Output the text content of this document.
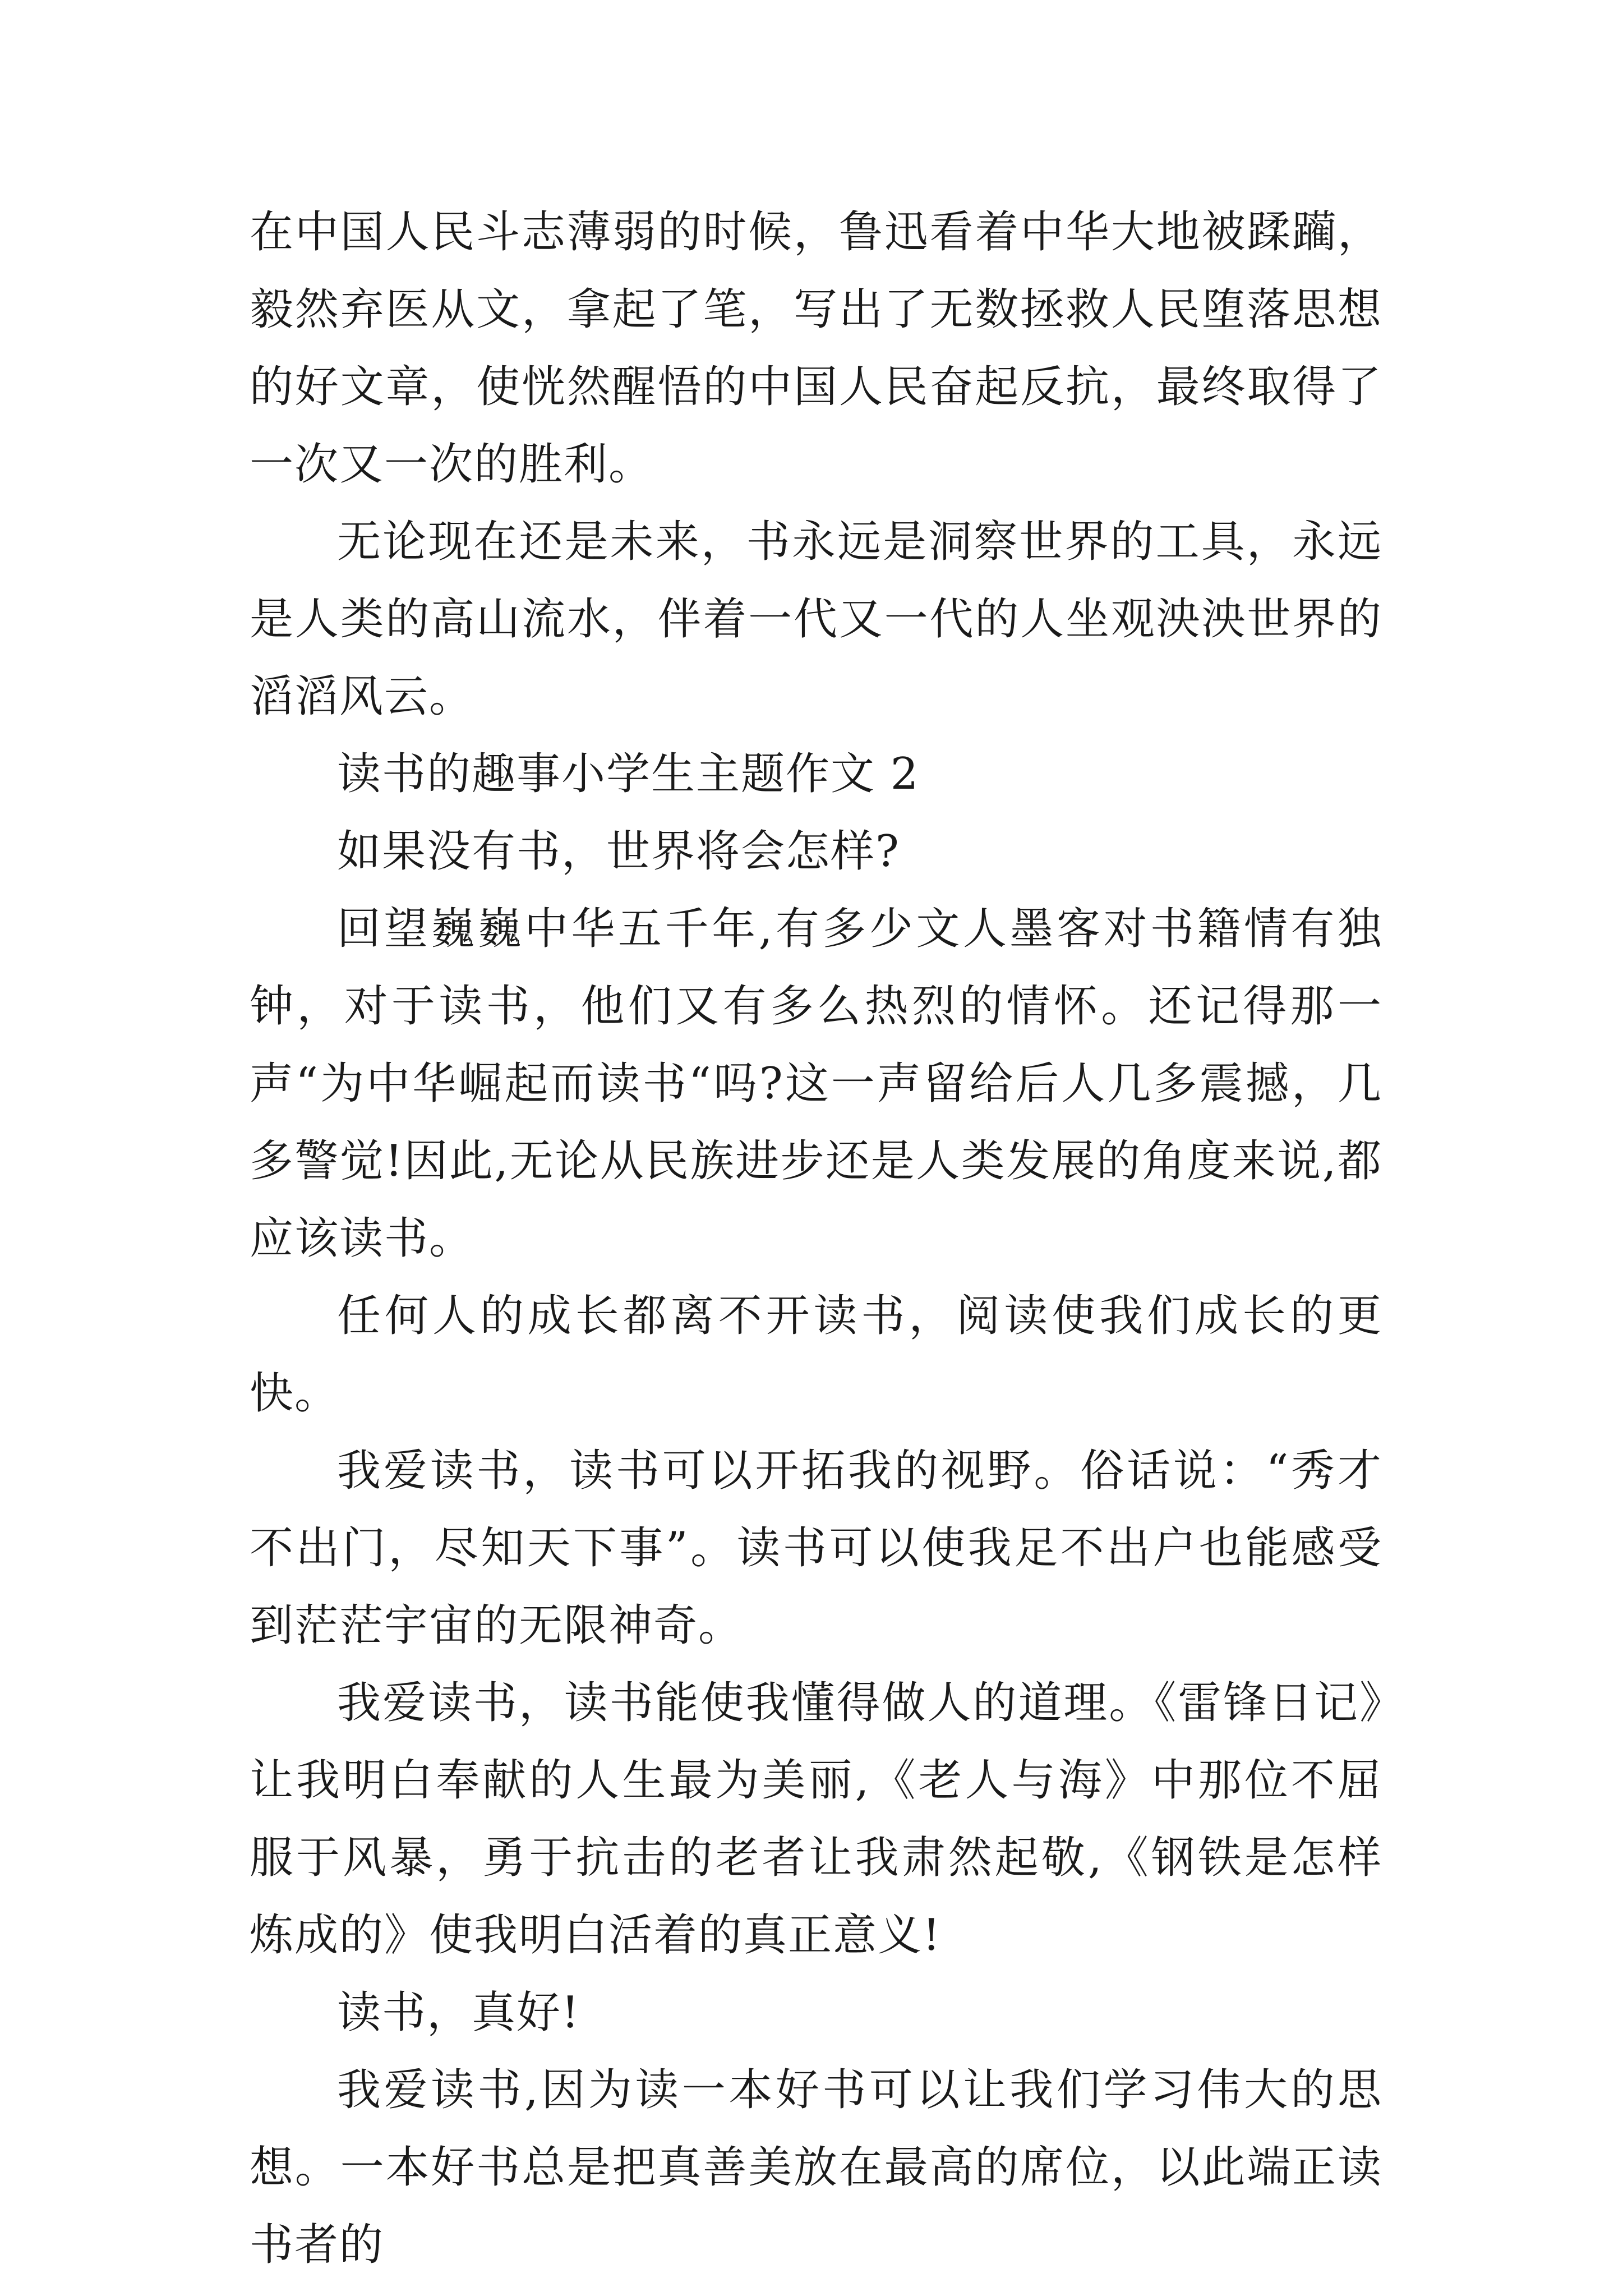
在中国人民斗志薄弱的时候，鲁迅看着中华大地被蹂躏，毅然弃医从文，拿起了笔，写出了无数拯救人民堕落思想的好文章，使恍然醒悟的中国人民奋起反抗，最终取得了一次又一次的胜利。

无论现在还是未来，书永远是洞察世界的工具，永远是人类的高山流水，伴着一代又一代的人坐观泱泱世界的滔滔风云。

读书的趣事小学生主题作文 2

如果没有书，世界将会怎样?

回望巍巍中华五千年,有多少文人墨客对书籍情有独钟，对于读书，他们又有多么热烈的情怀。还记得那一声“为中华崛起而读书“吗?这一声留给后人几多震撼，几多警觉!因此,无论从民族进步还是人类发展的角度来说,都应该读书。

任何人的成长都离不开读书，阅读使我们成长的更快。

我爱读书，读书可以开拓我的视野。俗话说：“秀才不出门，尽知天下事”。读书可以使我足不出户也能感受到茫茫宇宙的无限神奇。

我爱读书，读书能使我懂得做人的道理。《雷锋日记》让我明白奉献的人生最为美丽,《老人与海》中那位不屈服于风暴，勇于抗击的老者让我肃然起敬,《钢铁是怎样炼成的》使我明白活着的真正意义!

读书，真好!

我爱读书,因为读一本好书可以让我们学习伟大的思想。一本好书总是把真善美放在最高的席位，以此端正读书者的
